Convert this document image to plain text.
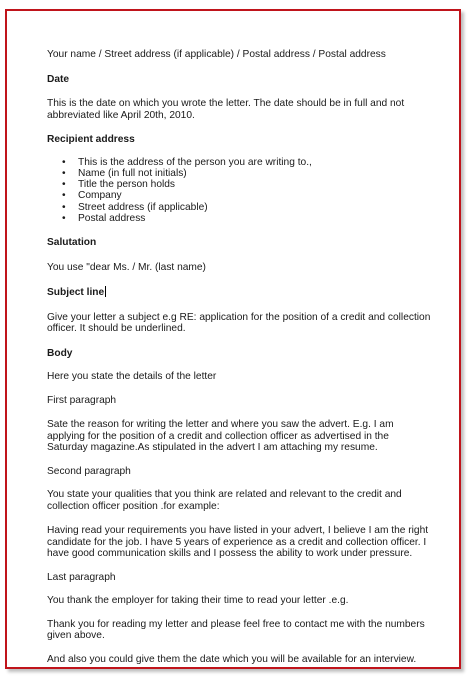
Your name / Street address (if applicable) / Postal address / Postal address

Date

This is the date on which you wrote the letter. The date should be in full and not abbreviated like April 20th, 2010.

Recipient address

• This is the address of the person you are writing to.,
• Name (in full not initials)
• Title the person holds
• Company
• Street address (if applicable)
• Postal address

Salutation

You use "dear Ms. / Mr. (last name)

Subject line

Give your letter a subject e.g RE: application for the position of a credit and collection officer. It should be underlined.

Body

Here you state the details of the letter

First paragraph

Sate the reason for writing the letter and where you saw the advert. E.g. I am applying for the position of a credit and collection officer as advertised in the Saturday magazine.As stipulated in the advert I am attaching my resume.

Second paragraph

You state your qualities that you think are related and relevant to the credit and collection officer position .for example:

Having read your requirements you have listed in your advert, I believe I am the right candidate for the job. I have 5 years of experience as a credit and collection officer. I have good communication skills and I possess the ability to work under pressure.

Last paragraph

You thank the employer for taking their time to read your letter .e.g.

Thank you for reading my letter and please feel free to contact me with the numbers given above.

And also you could give them the date which you will be available for an interview.
